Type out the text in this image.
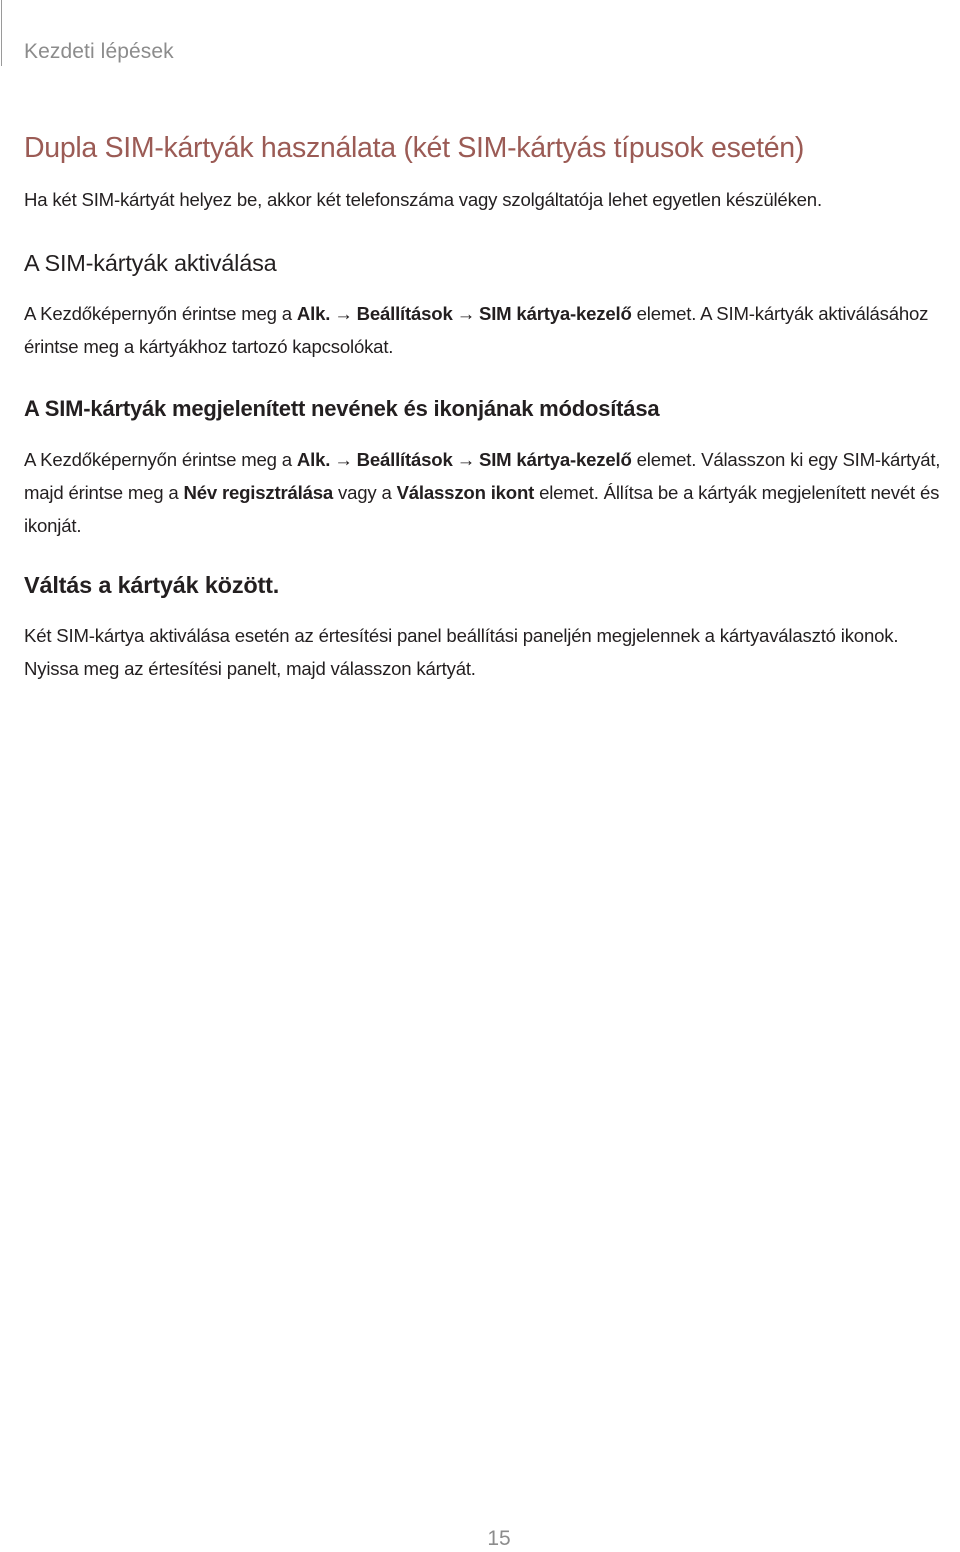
Kezdeti lépések
Dupla SIM-kártyák használata (két SIM-kártyás típusok esetén)

Ha két SIM-kártyát helyez be, akkor két telefonszáma vagy szolgáltatója lehet egyetlen készüléken.

A SIM-kártyák aktiválása

A Kezdőképernyőn érintse meg a Alk. → Beállítások → SIM kártya-kezelő elemet. A SIM-kártyák aktiválásához érintse meg a kártyákhoz tartozó kapcsolókat.

A SIM-kártyák megjelenített nevének és ikonjának módosítása

A Kezdőképernyőn érintse meg a Alk. → Beállítások → SIM kártya-kezelő elemet. Válasszon ki egy SIM-kártyát, majd érintse meg a Név regisztrálása vagy a Válasszon ikont elemet. Állítsa be a kártyák megjelenített nevét és ikonját.

Váltás a kártyák között.

Két SIM-kártya aktiválása esetén az értesítési panel beállítási paneljén megjelennek a kártyaválasztó ikonok. Nyissa meg az értesítési panelt, majd válasszon kártyát.

15
